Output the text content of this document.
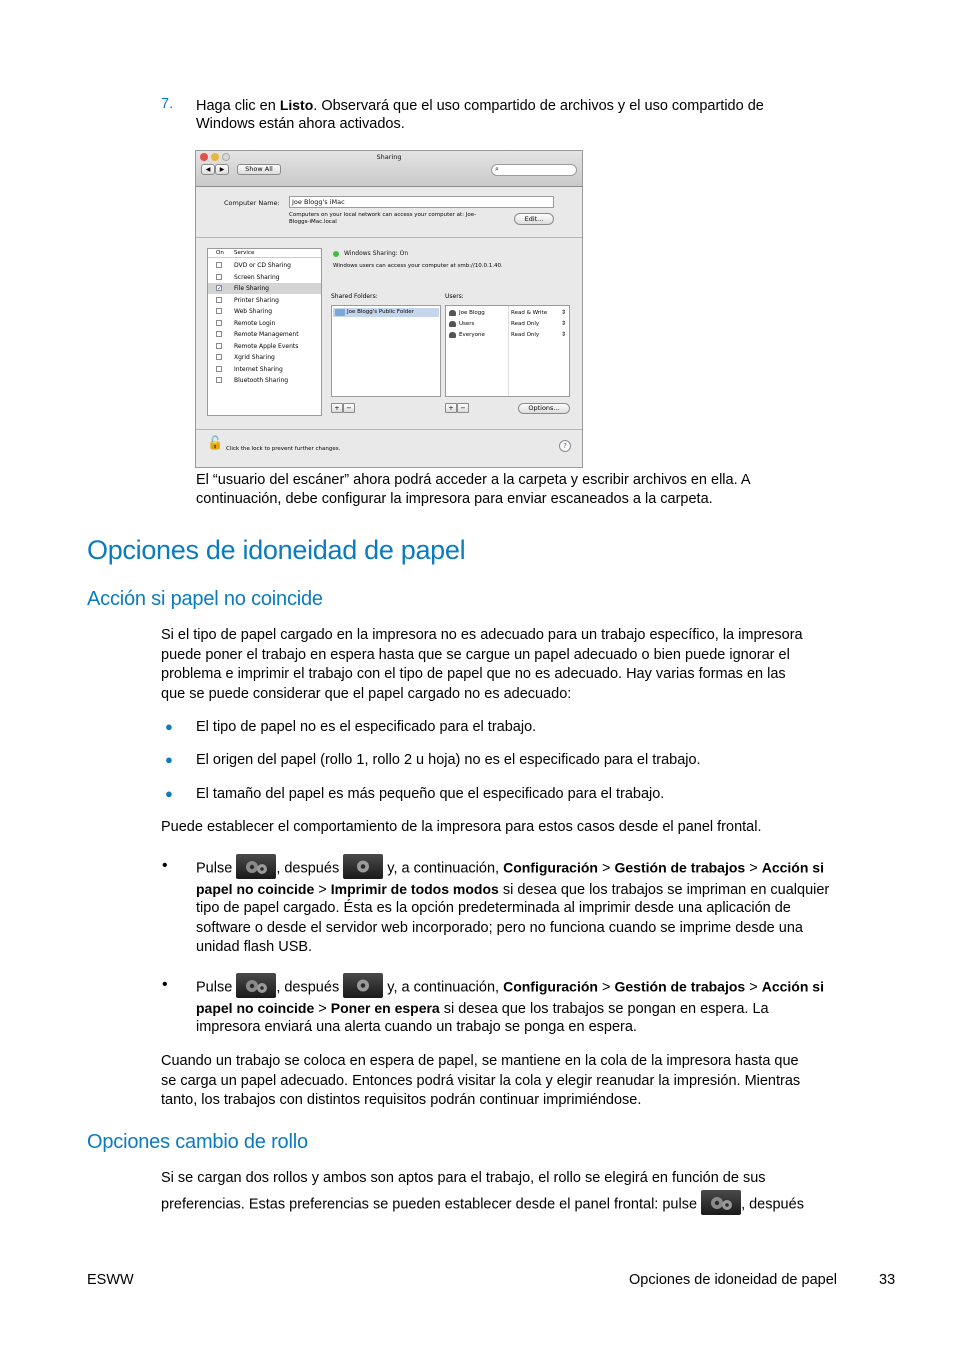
7. Haga clic en Listo. Observará que el uso compartido de archivos y el uso compartido de

Windows están ahora activados.

Sharing
◀	▶	Show All	⌕
Computer Name:	Joe Blogg's iMac
Computers on your local network can access your computer at: Joe-
Bloggs-iMac.local	Edit...
On Service
DVD or CD Sharing
Screen Sharing
✓ File Sharing
Printer Sharing
Web Sharing
Remote Login
Remote Management
Remote Apple Events
Xgrid Sharing
Internet Sharing
Bluetooth Sharing
Windows Sharing: On
Windows users can access your computer at smb://10.0.1.40.
Shared Folders:
Joe Blogg's Public Folder
+	−
Users:
Joe Blogg	Read & Write ⇕
Users	Read Only	⇕
Everyone	Read Only	⇕
+	−	Options...
🔓 Click the lock to prevent further changes.	?

El “usuario del escáner” ahora podrá acceder a la carpeta y escribir archivos en ella. A

continuación, debe configurar la impresora para enviar escaneados a la carpeta.

Opciones de idoneidad de papel
Acción si papel no coincide

Si el tipo de papel cargado en la impresora no es adecuado para un trabajo específico, la impresora

puede poner el trabajo en espera hasta que se cargue un papel adecuado o bien puede ignorar el

problema e imprimir el trabajo con el tipo de papel que no es adecuado. Hay varias formas en las

que se puede considerar que el papel cargado no es adecuado:

● El tipo de papel no es el especificado para el trabajo.

● El origen del papel (rollo 1, rollo 2 u hoja) no es el especificado para el trabajo.

● El tamaño del papel es más pequeño que el especificado para el trabajo.

Puede establecer el comportamiento de la impresora para estos casos desde el panel frontal.

• Pulse	, después	y, a continuación, Configuración > Gestión de trabajos > Acción si
papel no coincide > Imprimir de todos modos si desea que los trabajos se impriman en cualquier

tipo de papel cargado. Ésta es la opción predeterminada al imprimir desde una aplicación de

software o desde el servidor web incorporado; pero no funciona cuando se imprime desde una

unidad flash USB.

• Pulse	, después	y, a continuación, Configuración > Gestión de trabajos > Acción si
papel no coincide > Poner en espera si desea que los trabajos se pongan en espera. La

impresora enviará una alerta cuando un trabajo se ponga en espera.

Cuando un trabajo se coloca en espera de papel, se mantiene en la cola de la impresora hasta que

se carga un papel adecuado. Entonces podrá visitar la cola y elegir reanudar la impresión. Mientras

tanto, los trabajos con distintos requisitos podrán continuar imprimiéndose.

Opciones cambio de rollo

Si se cargan dos rollos y ambos son aptos para el trabajo, el rollo se elegirá en función de sus

preferencias. Estas preferencias se pueden establecer desde el panel frontal: pulse	, después
ESWW	Opciones de idoneidad de papel	33
